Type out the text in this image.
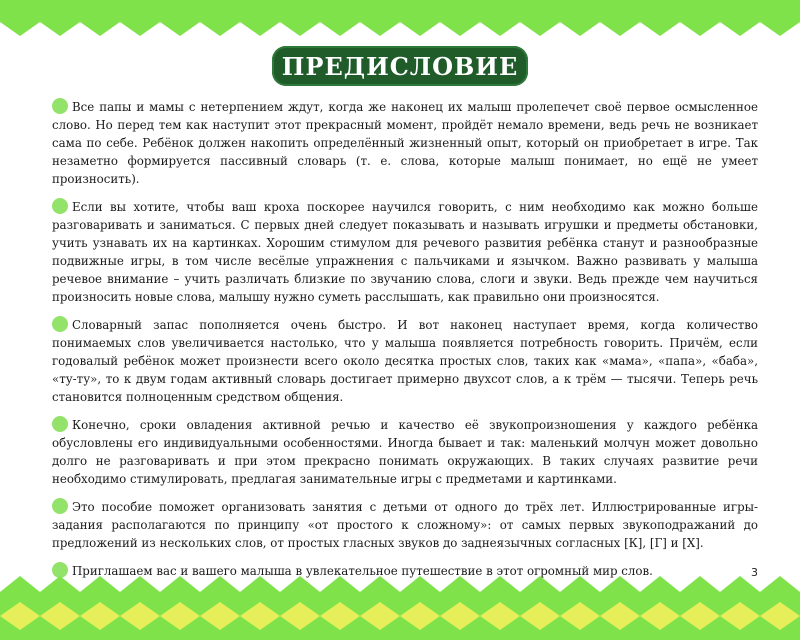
ПРЕДИСЛОВИЕ

Все папы и мамы с нетерпением ждут, когда же наконец их малыш пролепечет своё первое осмысленное слово. Но перед тем как наступит этот прекрасный момент, пройдёт немало времени, ведь речь не возникает сама по себе. Ребёнок должен накопить определённый жизненный опыт, который он приобретает в игре. Так незаметно формируется пассивный словарь (т. е. слова, которые малыш понимает, но ещё не умеет произносить).

Если вы хотите, чтобы ваш кроха поскорее научился говорить, с ним необходимо как можно больше разговаривать и заниматься. С первых дней следует показывать и называть игрушки и предметы обстановки, учить узнавать их на картинках. Хорошим стимулом для речевого развития ребёнка станут и разнообразные подвижные игры, в том числе весёлые упражнения с пальчиками и язычком. Важно развивать у малыша речевое внимание – учить различать близкие по звучанию слова, слоги и звуки. Ведь прежде чем научиться произносить новые слова, малышу нужно суметь расслышать, как правильно они произносятся.

Словарный запас пополняется очень быстро. И вот наконец наступает время, когда количество понимаемых слов увеличивается настолько, что у малыша появляется потребность говорить. Причём, если годовалый ребёнок может произнести всего около десятка простых слов, таких как «мама», «папа», «баба», «ту-ту», то к двум годам активный словарь достигает примерно двухсот слов, а к трём — тысячи. Теперь речь становится полноценным средством общения.

Конечно, сроки овладения активной речью и качество её звукопроизношения у каждого ребёнка обусловлены его индивидуальными особенностями. Иногда бывает и так: маленький молчун может довольно долго не разговаривать и при этом прекрасно понимать окружающих. В таких случаях развитие речи необходимо стимулировать, предлагая занимательные игры с предметами и картинками.

Это пособие поможет организовать занятия с детьми от одного до трёх лет. Иллюстрированные игры-задания располагаются по принципу «от простого к сложному»: от самых первых звукоподражаний до предложений из нескольких слов, от простых гласных звуков до заднеязычных согласных [К], [Г] и [Х].

Приглашаем вас и вашего малыша в увлекательное путешествие в этот огромный мир слов.	3
